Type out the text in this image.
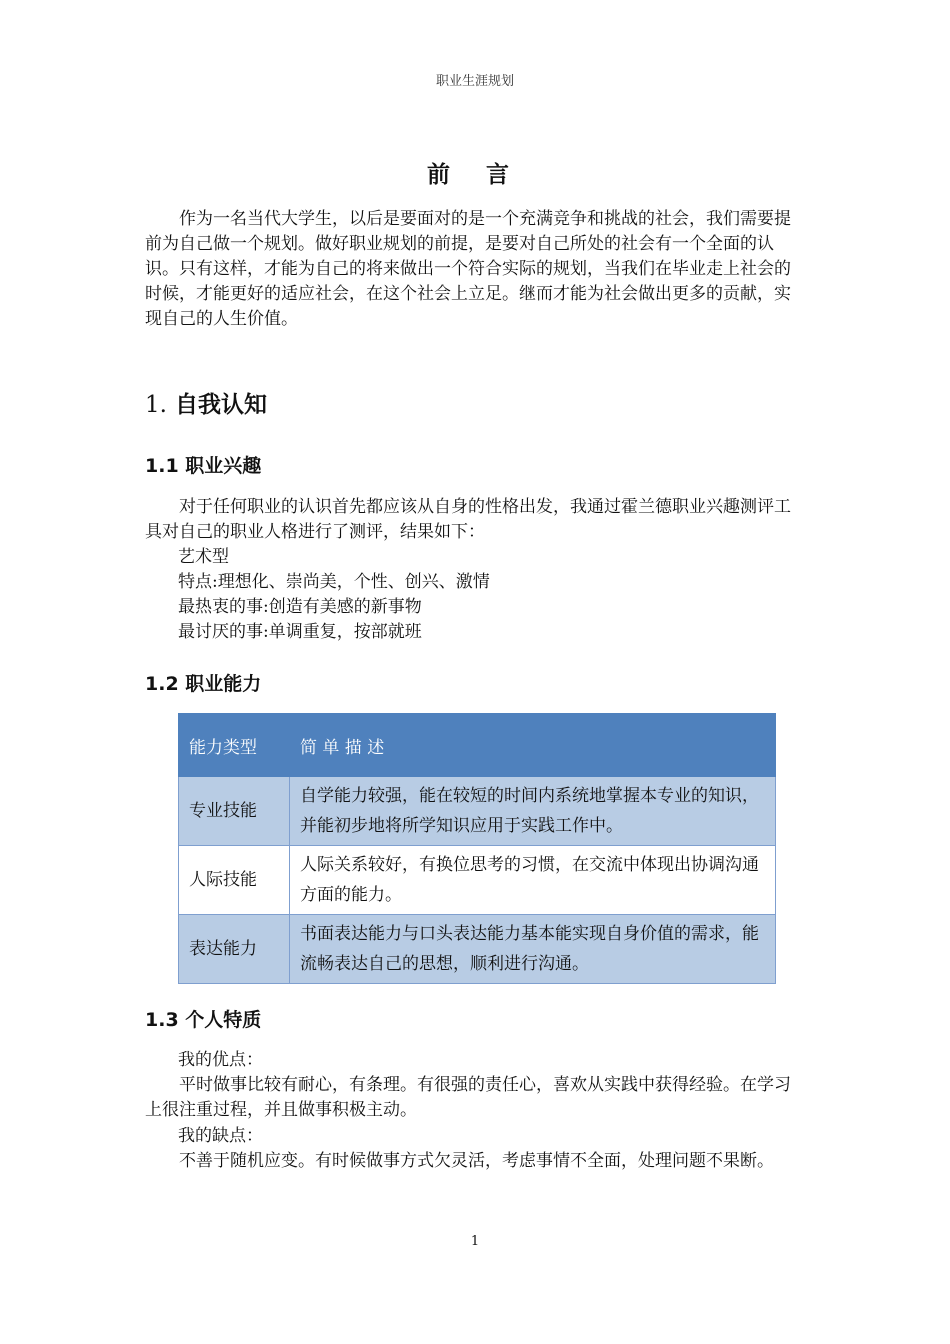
职业生涯规划
前 言

作为一名当代大学生，以后是要面对的是一个充满竞争和挑战的社会，我们需要提前为自己做一个规划。做好职业规划的前提，是要对自己所处的社会有一个全面的认识。只有这样，才能为自己的将来做出一个符合实际的规划，当我们在毕业走上社会的时候，才能更好的适应社会，在这个社会上立足。继而才能为社会做出更多的贡献，实现自己的人生价值。

1. 自我认知
1.1 职业兴趣

对于任何职业的认识首先都应该从自身的性格出发，我通过霍兰德职业兴趣测评工具对自己的职业人格进行了测评，结果如下：

艺术型
特点:理想化、崇尚美，个性、创兴、激情
最热衷的事:创造有美感的新事物
最讨厌的事:单调重复，按部就班
1.2 职业能力
能力类型	简 单 描 述
专业技能	自学能力较强，能在较短的时间内系统地掌握本专业的知识，并能初步地将所学知识应用于实践工作中。
人际技能	人际关系较好，有换位思考的习惯，在交流中体现出协调沟通方面的能力。
表达能力	书面表达能力与口头表达能力基本能实现自身价值的需求，能流畅表达自己的思想，顺利进行沟通。
1.3 个人特质
我的优点：

平时做事比较有耐心，有条理。有很强的责任心，喜欢从实践中获得经验。在学习上很注重过程，并且做事积极主动。

我的缺点：

不善于随机应变。有时候做事方式欠灵活，考虑事情不全面，处理问题不果断。

1
